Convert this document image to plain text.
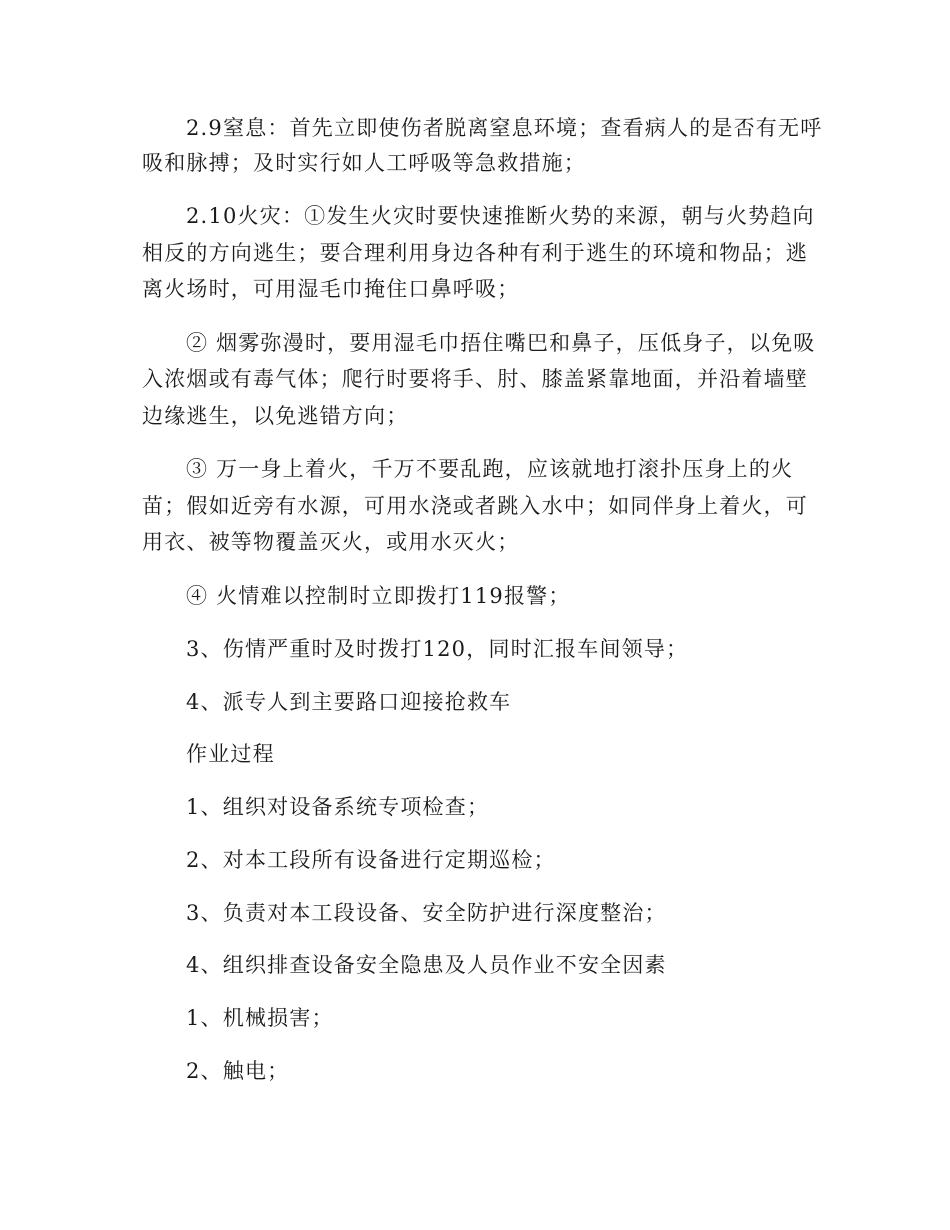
2.9窒息：首先立即使伤者脱离窒息环境；查看病人的是否有无呼
吸和脉搏；及时实行如人工呼吸等急救措施；
2.10火灾：①发生火灾时要快速推断火势的来源，朝与火势趋向
相反的方向逃生；要合理利用身边各种有利于逃生的环境和物品；逃
离火场时，可用湿毛巾掩住口鼻呼吸；
② 烟雾弥漫时，要用湿毛巾捂住嘴巴和鼻子，压低身子，以免吸
入浓烟或有毒气体；爬行时要将手、肘、膝盖紧靠地面，并沿着墙壁
边缘逃生，以免逃错方向；
③ 万一身上着火，千万不要乱跑，应该就地打滚扑压身上的火
苗；假如近旁有水源，可用水浇或者跳入水中；如同伴身上着火，可
用衣、被等物覆盖灭火，或用水灭火；
④ 火情难以控制时立即拨打119报警；
3、伤情严重时及时拨打120，同时汇报车间领导；
4、派专人到主要路口迎接抢救车
作业过程
1、组织对设备系统专项检查；
2、对本工段所有设备进行定期巡检；
3、负责对本工段设备、安全防护进行深度整治；
4、组织排查设备安全隐患及人员作业不安全因素
1、机械损害；
2、触电；
